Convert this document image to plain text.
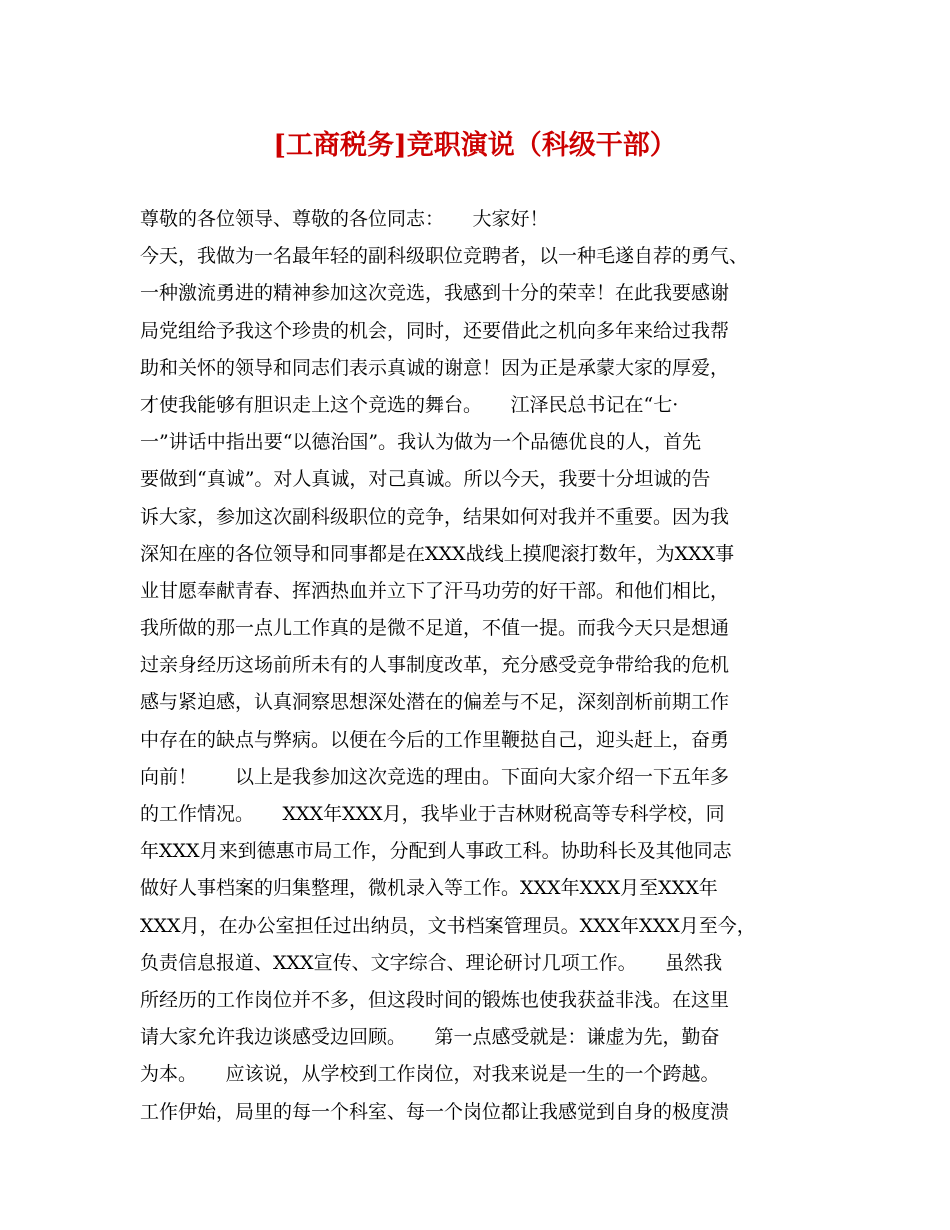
[工商税务]竞职演说（科级干部）
尊敬的各位领导、尊敬的各位同志：　　大家好！
今天，我做为一名最年轻的副科级职位竞聘者，以一种毛遂自荐的勇气、
一种激流勇进的精神参加这次竞选，我感到十分的荣幸！在此我要感谢
局党组给予我这个珍贵的机会，同时，还要借此之机向多年来给过我帮
助和关怀的领导和同志们表示真诚的谢意！因为正是承蒙大家的厚爱，
才使我能够有胆识走上这个竞选的舞台。　　江泽民总书记在“七·
一”讲话中指出要“以德治国”。我认为做为一个品德优良的人，首先
要做到“真诚”。对人真诚，对己真诚。所以今天，我要十分坦诚的告
诉大家，参加这次副科级职位的竞争，结果如何对我并不重要。因为我
深知在座的各位领导和同事都是在XXX战线上摸爬滚打数年，为XXX事
业甘愿奉献青春、挥洒热血并立下了汗马功劳的好干部。和他们相比，
我所做的那一点儿工作真的是微不足道，不值一提。而我今天只是想通
过亲身经历这场前所未有的人事制度改革，充分感受竞争带给我的危机
感与紧迫感，认真洞察思想深处潜在的偏差与不足，深刻剖析前期工作
中存在的缺点与弊病。以便在今后的工作里鞭挞自己，迎头赶上，奋勇
向前！　　以上是我参加这次竞选的理由。下面向大家介绍一下五年多
的工作情况。　　XXX年XXX月，我毕业于吉林财税高等专科学校，同
年XXX月来到德惠市局工作，分配到人事政工科。协助科长及其他同志
做好人事档案的归集整理，微机录入等工作。XXX年XXX月至XXX年
XXX月，在办公室担任过出纳员，文书档案管理员。XXX年XXX月至今，
负责信息报道、XXX宣传、文字综合、理论研讨几项工作。　　虽然我
所经历的工作岗位并不多，但这段时间的锻炼也使我获益非浅。在这里
请大家允许我边谈感受边回顾。　　第一点感受就是：谦虚为先，勤奋
为本。　　应该说，从学校到工作岗位，对我来说是一生的一个跨越。
工作伊始，局里的每一个科室、每一个岗位都让我感觉到自身的极度溃
